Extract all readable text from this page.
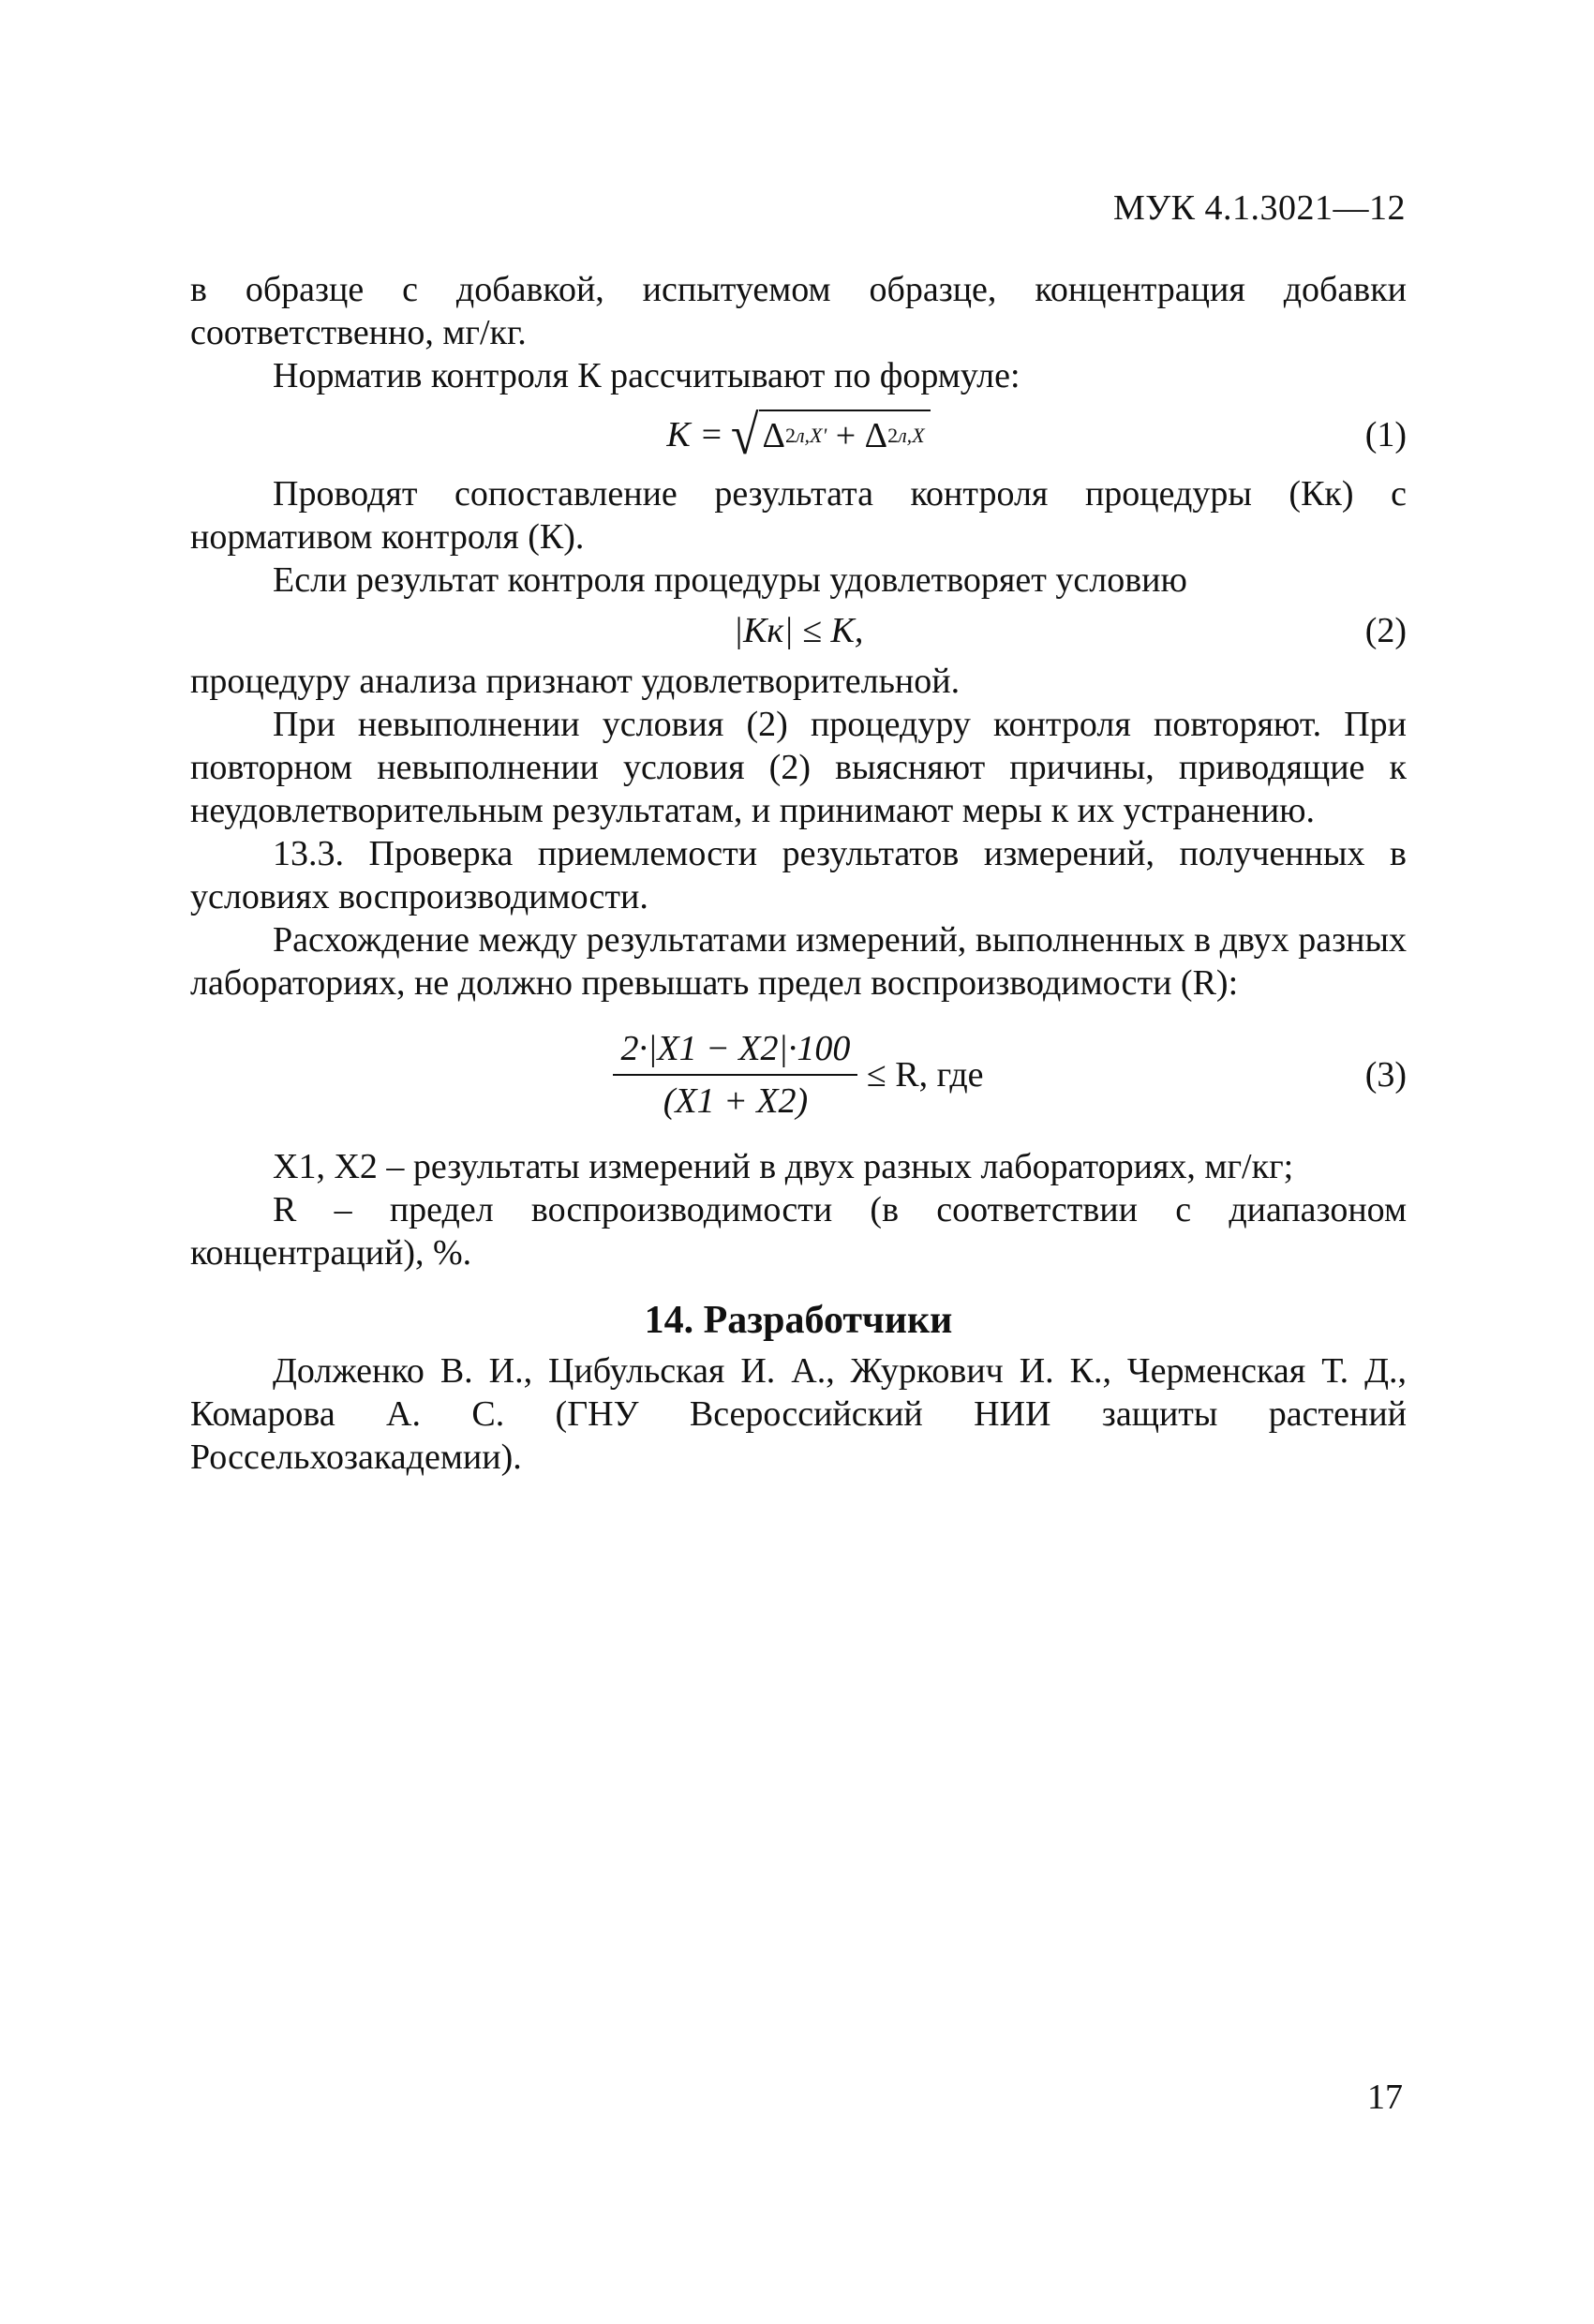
МУК 4.1.3021—12

в образце с добавкой, испытуемом образце, концентрация добавки соответственно, мг/кг.

Норматив контроля К рассчитывают по формуле:

K = √ Δ 2 л,X'
+
Δ 2 л,X	(1)

Проводят сопоставление результата контроля процедуры (Кк) с нормативом контроля (К).

Если результат контроля процедуры удовлетворяет условию

|Kк| ≤ K,	(2)

процедуру анализа признают удовлетворительной.

При невыполнении условия (2) процедуру контроля повторяют. При повторном невыполнении условия (2) выясняют причины, приводящие к неудовлетворительным результатам, и принимают меры к их устранению.

13.3. Проверка приемлемости результатов измерений, полученных в условиях воспроизводимости.

Расхождение между результатами измерений, выполненных в двух разных лабораториях, не должно превышать предел воспроизводимости (R):

$\frac{2\cdot|X1 - X2|\cdot 100}{(X1 + X2)}$
≤ R, где	(3)

X1, X2 – результаты измерений в двух разных лабораториях, мг/кг;

R – предел воспроизводимости (в соответствии с диапазоном концентраций), %.

14. Разработчики

Долженко В. И., Цибульская И. А., Журкович И. К., Черменская Т. Д., Комарова А. С. (ГНУ Всероссийский НИИ защиты растений Россельхозакадемии).

17
